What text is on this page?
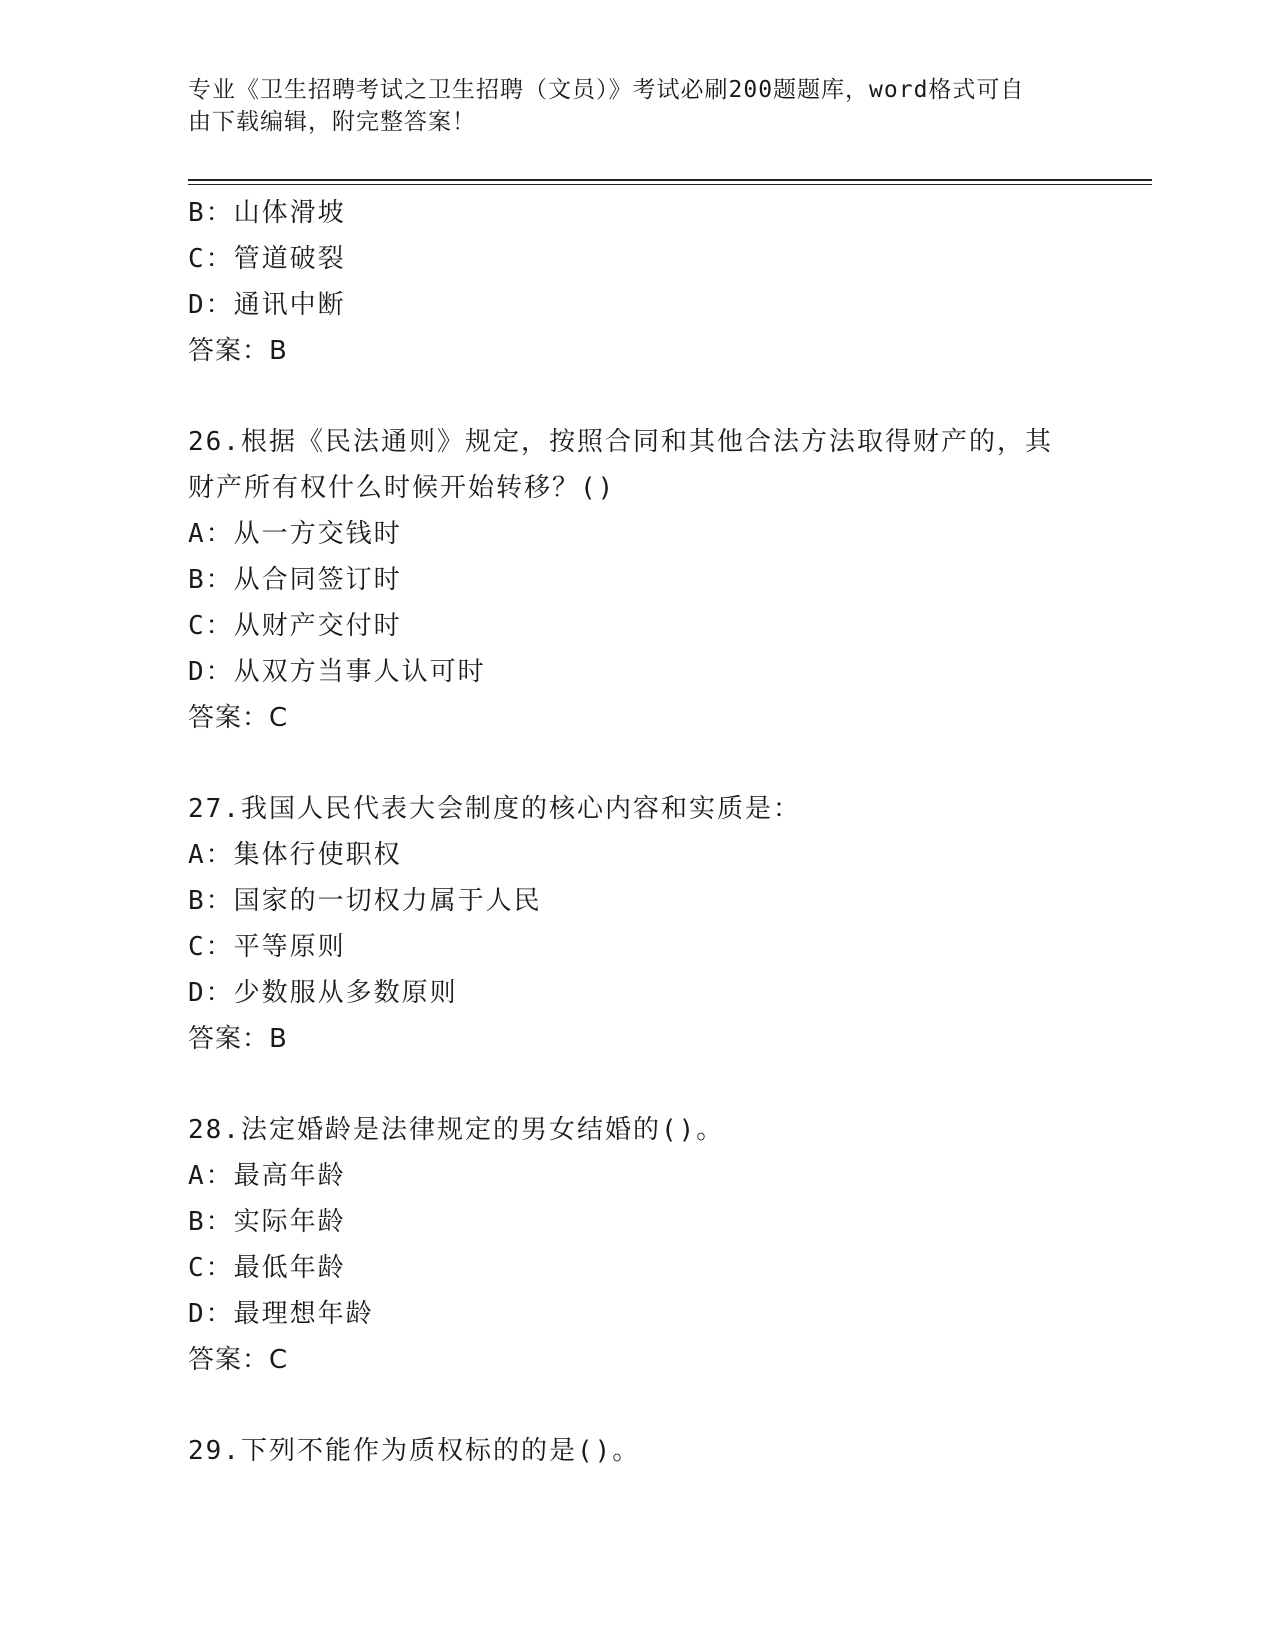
专业《卫生招聘考试之卫生招聘（文员）》考试必刷200题题库，word格式可自
由下载编辑，附完整答案！
B：山体滑坡
C：管道破裂
D：通讯中断
答案：B
26.根据《民法通则》规定，按照合同和其他合法方法取得财产的，其
财产所有权什么时候开始转移？()
A：从一方交钱时
B：从合同签订时
C：从财产交付时
D：从双方当事人认可时
答案：C
27.我国人民代表大会制度的核心内容和实质是：
A：集体行使职权
B：国家的一切权力属于人民
C：平等原则
D：少数服从多数原则
答案：B
28.法定婚龄是法律规定的男女结婚的()。
A：最高年龄
B：实际年龄
C：最低年龄
D：最理想年龄
答案：C
29.下列不能作为质权标的的是()。
